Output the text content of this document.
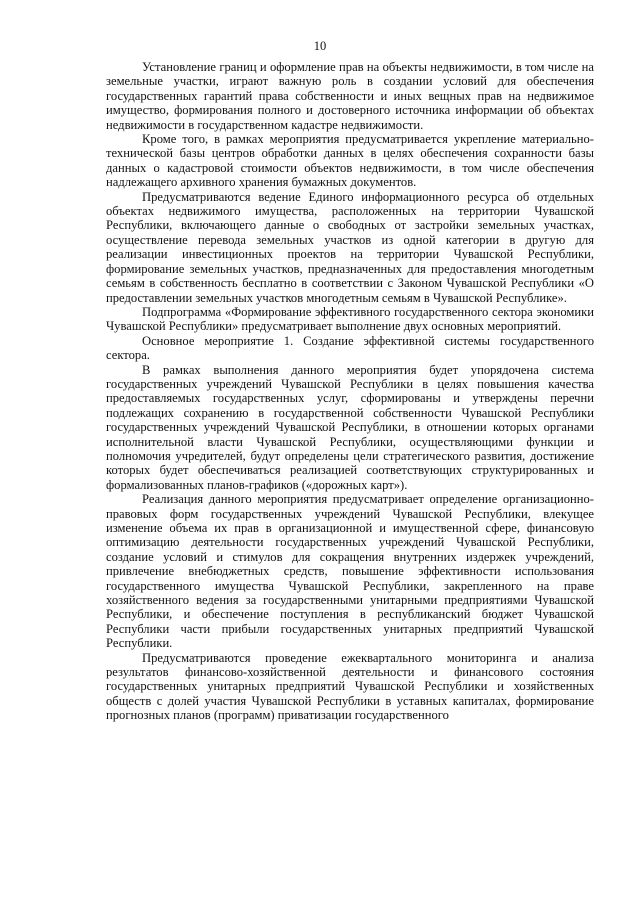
10

Установление границ и оформление прав на объекты недвижимости, в том числе на земельные участки, играют важную роль в создании условий для обеспечения государственных гарантий права собственности и иных вещных прав на недвижимое имущество, формирования полного и достоверного источника информации об объектах недвижимости в государственном кадастре недвижимости.

Кроме того, в рамках мероприятия предусматривается укрепление материально-технической базы центров обработки данных в целях обеспечения сохранности базы данных о кадастровой стоимости объектов недвижимости, в том числе обеспечения надлежащего архивного хранения бумажных документов.

Предусматриваются ведение Единого информационного ресурса об отдельных объектах недвижимого имущества, расположенных на территории Чувашской Республики, включающего данные о свободных от застройки земельных участках, осуществление перевода земельных участков из одной категории в другую для реализации инвестиционных проектов на территории Чувашской Республики, формирование земельных участков, предназначенных для предоставления многодетным семьям в собственность бесплатно в соответствии с Законом Чувашской Республики «О предоставлении земельных участков многодетным семьям в Чувашской Республике».

Подпрограмма «Формирование эффективного государственного сектора экономики Чувашской Республики» предусматривает выполнение двух основных мероприятий.

Основное мероприятие 1. Создание эффективной системы государственного сектора.

В рамках выполнения данного мероприятия будет упорядочена система государственных учреждений Чувашской Республики в целях повышения качества предоставляемых государственных услуг, сформированы и утверждены перечни подлежащих сохранению в государственной собственности Чувашской Республики государственных учреждений Чувашской Республики, в отношении которых органами исполнительной власти Чувашской Республики, осуществляющими функции и полномочия учредителей, будут определены цели стратегического развития, достижение которых будет обеспечиваться реализацией соответствующих структурированных и формализованных планов-графиков («дорожных карт»).

Реализация данного мероприятия предусматривает определение организационно-правовых форм государственных учреждений Чувашской Республики, влекущее изменение объема их прав в организационной и имущественной сфере, финансовую оптимизацию деятельности государственных учреждений Чувашской Республики, создание условий и стимулов для сокращения внутренних издержек учреждений, привлечение внебюджетных средств, повышение эффективности использования государственного имущества Чувашской Республики, закрепленного на праве хозяйственного ведения за государственными унитарными предприятиями Чувашской Республики, и обеспечение поступления в республиканский бюджет Чувашской Республики части прибыли государственных унитарных предприятий Чувашской Республики.

Предусматриваются проведение ежеквартального мониторинга и анализа результатов финансово-хозяйственной деятельности и финансового состояния государственных унитарных предприятий Чувашской Республики и хозяйственных обществ с долей участия Чувашской Республики в уставных капиталах, формирование прогнозных планов (программ) приватизации государственного
